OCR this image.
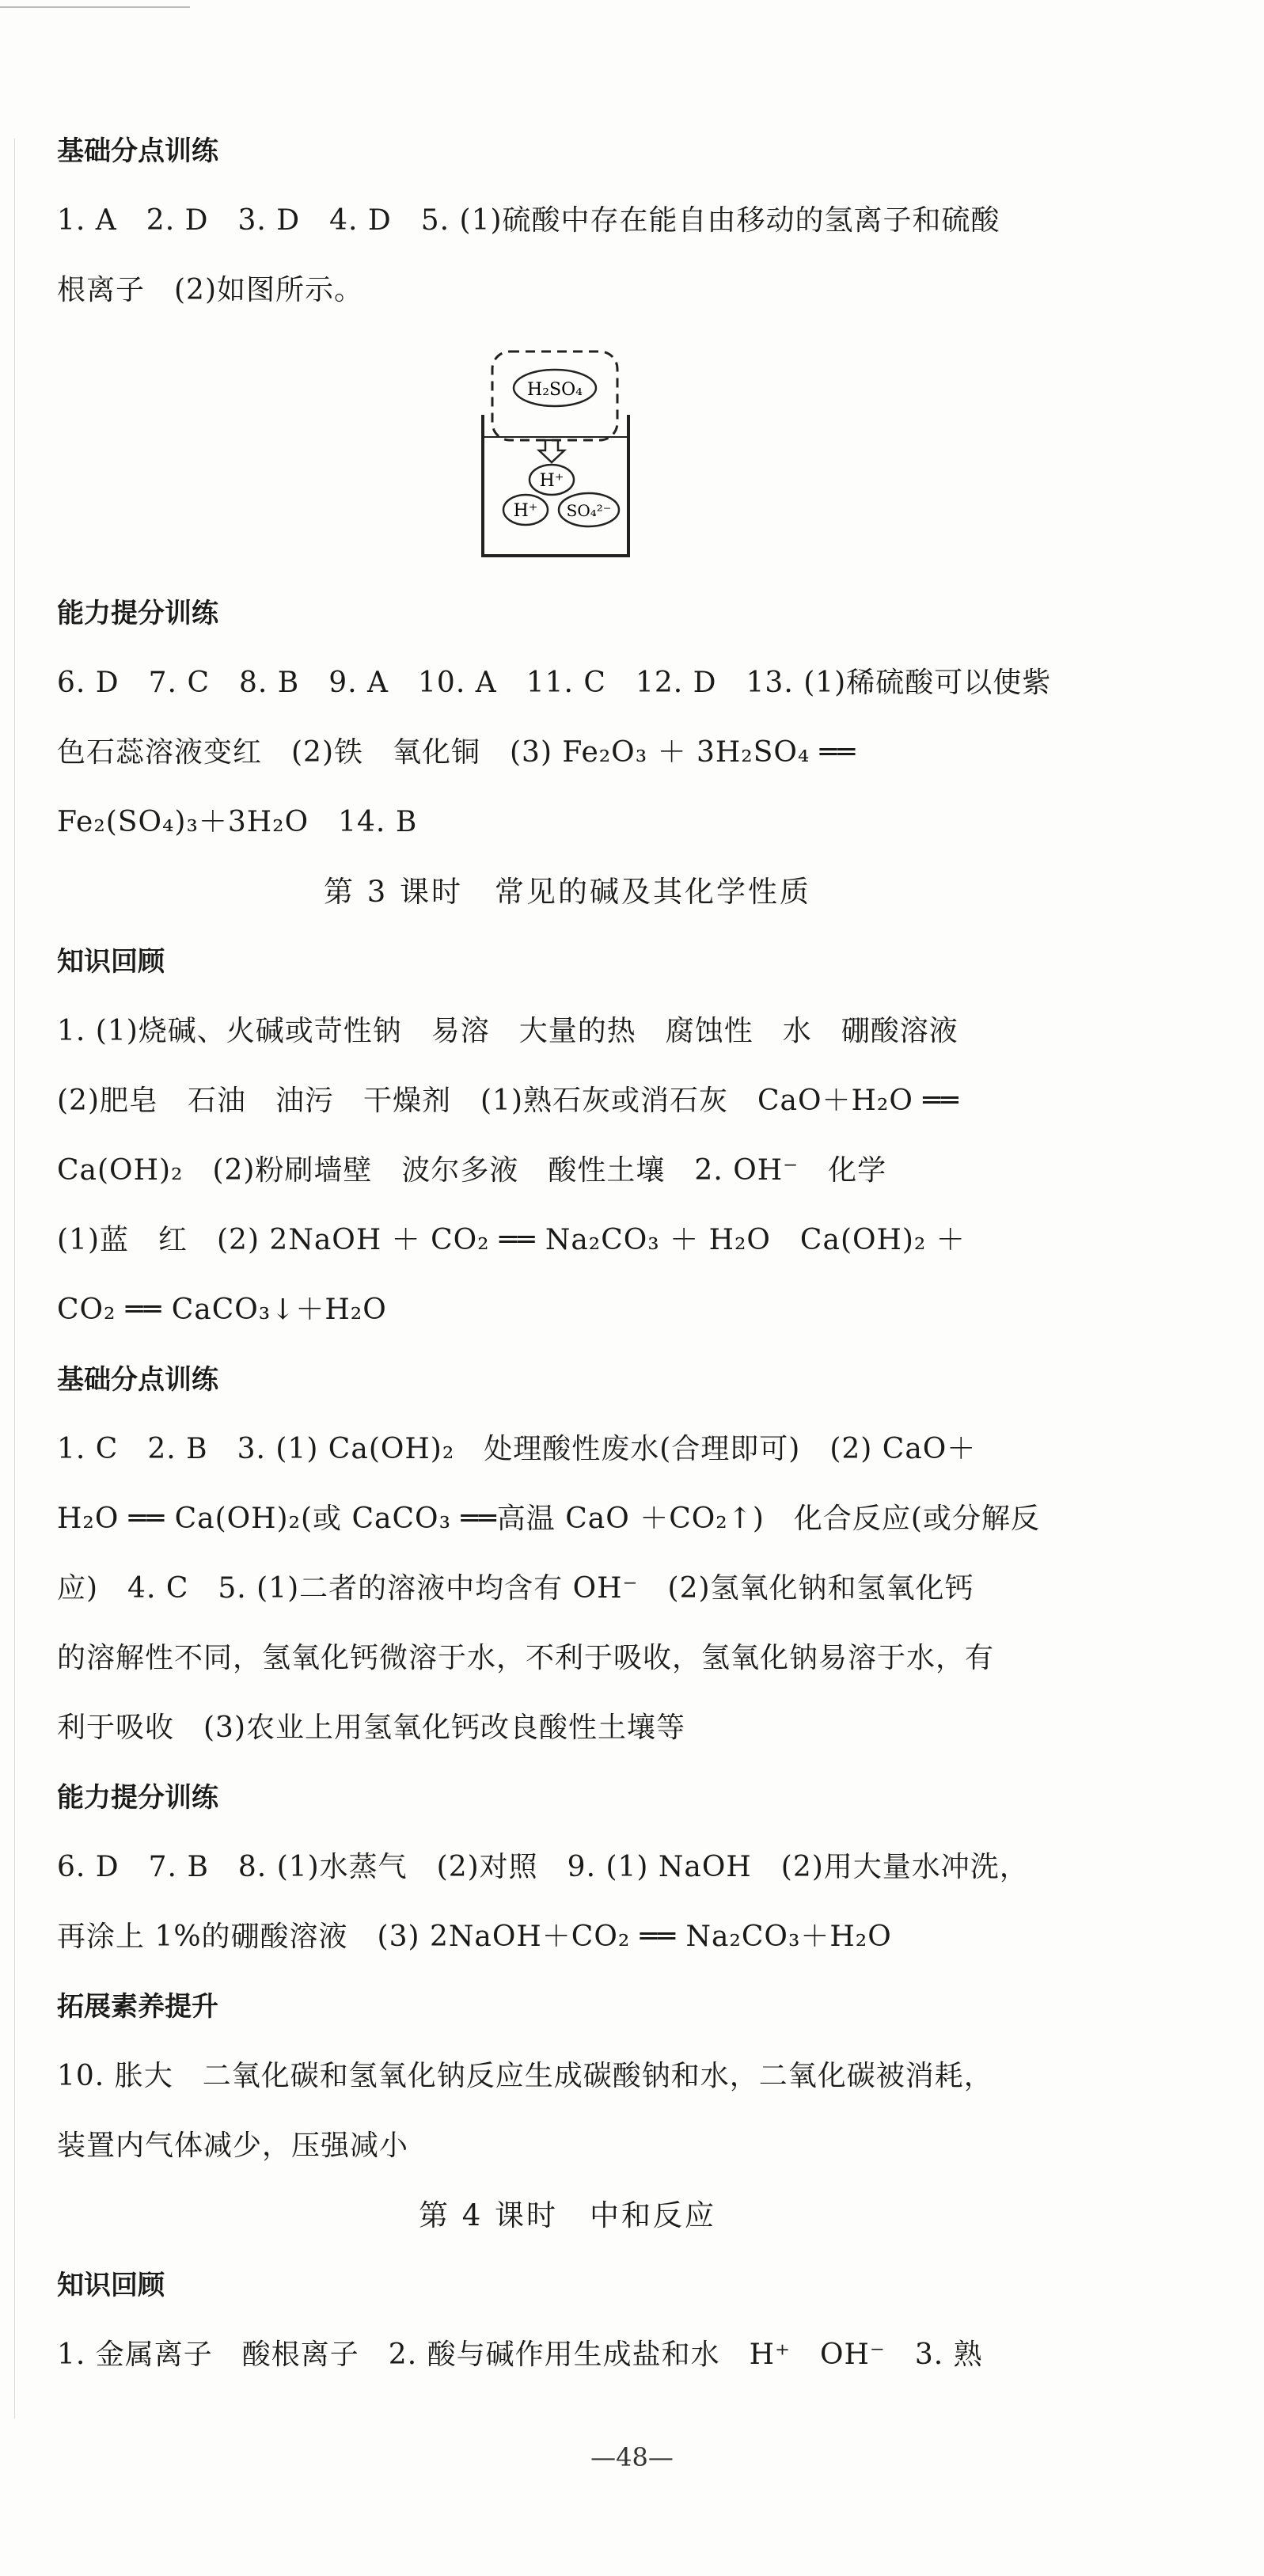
基础分点训练
1. A　2. D　3. D　4. D　5. (1)硫酸中存在能自由移动的氢离子和硫酸
根离子　(2)如图所示。
H₂SO₄
H⁺
H⁺ SO₄²⁻
能力提分训练
6. D　7. C　8. B　9. A　10. A　11. C　12. D　13. (1)稀硫酸可以使紫
色石蕊溶液变红　(2)铁　氧化铜　(3) Fe₂O₃ ＋ 3H₂SO₄ ══
Fe₂(SO₄)₃＋3H₂O　14. B
第 3 课时　常见的碱及其化学性质
知识回顾
1. (1)烧碱、火碱或苛性钠　易溶　大量的热　腐蚀性　水　硼酸溶液
(2)肥皂　石油　油污　干燥剂　(1)熟石灰或消石灰　CaO＋H₂O ══
Ca(OH)₂　(2)粉刷墙壁　波尔多液　酸性土壤　2. OH⁻　化学
(1)蓝　红　(2) 2NaOH ＋ CO₂ ══ Na₂CO₃ ＋ H₂O　Ca(OH)₂ ＋
CO₂ ══ CaCO₃↓＋H₂O
基础分点训练
1. C　2. B　3. (1) Ca(OH)₂　处理酸性废水(合理即可)　(2) CaO＋
H₂O ══ Ca(OH)₂(或 CaCO₃ ══高温 CaO ＋CO₂↑)　化合反应(或分解反
应)　4. C　5. (1)二者的溶液中均含有 OH⁻　(2)氢氧化钠和氢氧化钙
的溶解性不同，氢氧化钙微溶于水，不利于吸收，氢氧化钠易溶于水，有
利于吸收　(3)农业上用氢氧化钙改良酸性土壤等
能力提分训练
6. D　7. B　8. (1)水蒸气　(2)对照　9. (1) NaOH　(2)用大量水冲洗，
再涂上 1%的硼酸溶液　(3) 2NaOH＋CO₂ ══ Na₂CO₃＋H₂O
拓展素养提升
10. 胀大　二氧化碳和氢氧化钠反应生成碳酸钠和水，二氧化碳被消耗，
装置内气体减少，压强减小
第 4 课时　中和反应
知识回顾
1. 金属离子　酸根离子　2. 酸与碱作用生成盐和水　H⁺　OH⁻　3. 熟
—48—
